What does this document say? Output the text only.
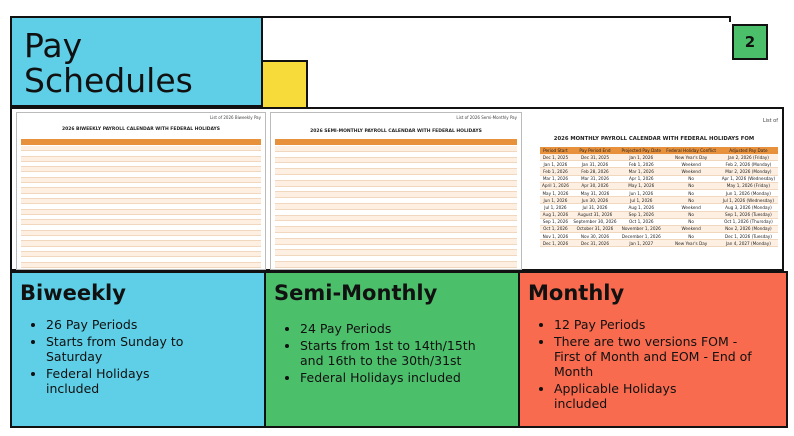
Pay
Schedules
2
List of 2026 Biweekly Pay
2026 BIWEEKLY PAYROLL CALENDAR WITH FEDERAL HOLIDAYS
List of 2026 Semi-Monthly Pay
2026 SEMI-MONTHLY PAYROLL CALENDAR WITH FEDERAL HOLIDAYS
List of
2026 MONTHLY PAYROLL CALENDAR WITH FEDERAL HOLIDAYS FOM
Period Start	Pay Period End	Projected Pay Date	Federal Holiday Conflict	Adjusted Pay Date
Dec 1, 2025	Dec 31, 2025	Jan 1, 2026	New Year's Day	Jan 2, 2026 (Friday)
Jan 1, 2026	Jan 31, 2026	Feb 1, 2026	Weekend	Feb 2, 2026 (Monday)
Feb 1, 2026	Feb 28, 2026	Mar 1, 2026	Weekend	Mar 2, 2026 (Monday)
Mar 1, 2026	Mar 31, 2026	Apr 1, 2026	No	Apr 1, 2026 (Wednesday)
April 1, 2026	Apr 30, 2026	May 1, 2026	No	May 1, 2026 (Friday)
May 1, 2026	May 31, 2026	Jun 1, 2026	No	Jun 1, 2026 (Monday)
Jun 1, 2026	Jun 30, 2026	Jul 1, 2026	No	Jul 1, 2026 (Wednesday)
Jul 1, 2026	Jul 31, 2026	Aug 1, 2026	Weekend	Aug 3, 2026 (Monday)
Aug 1, 2026	August 31, 2026	Sep 1, 2026	No	Sep 1, 2026 (Tuesday)
Sep 1, 2026	September 30, 2026	Oct 1, 2026	No	Oct 1, 2026 (Thursday)
Oct 1, 2026	October 31, 2026	November 1, 2026	Weekend	Nov 2, 2026 (Monday)
Nov 1, 2026	Nov 30, 2026	December 1, 2026	No	Dec 1, 2026 (Tuesday)
Dec 1, 2026	Dec 31, 2026	Jan 1, 2027	New Year's Day	Jan 4, 2027 (Monday)
Biweekly
• 26 Pay Periods
• Starts from Sunday to Saturday
• Federal Holidays included
Semi-Monthly
• 24 Pay Periods
• Starts from 1st to 14th/15th and 16th to the 30th/31st
• Federal Holidays included
Monthly
• 12 Pay Periods
• There are two versions FOM - First of Month and EOM - End of Month
• Applicable Holidays included
